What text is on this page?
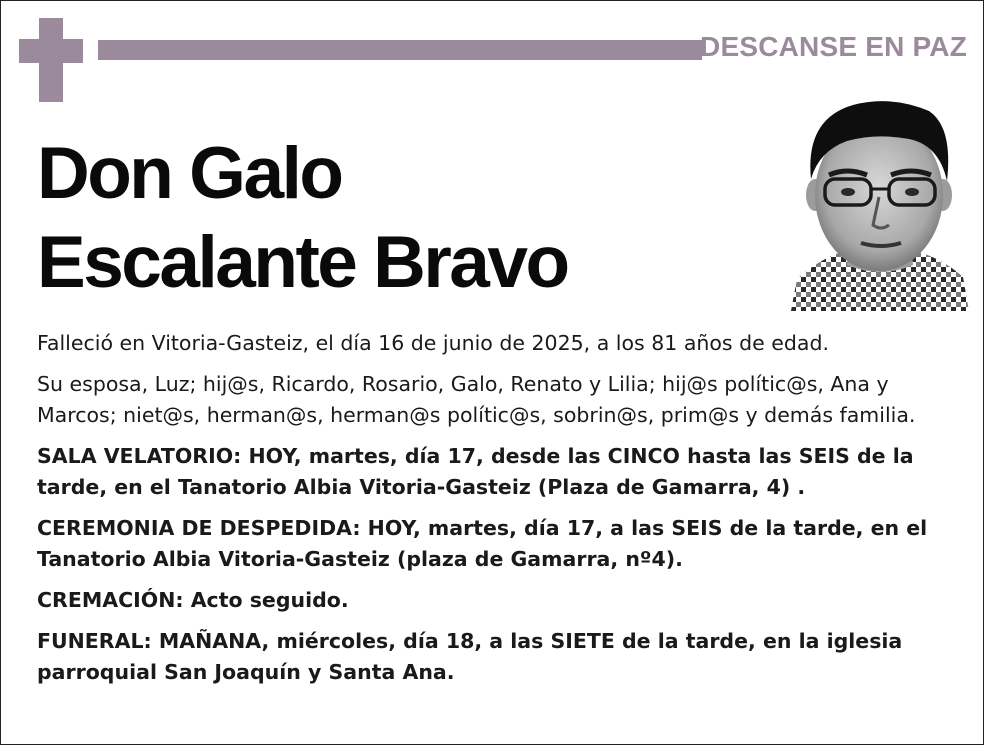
DESCANSE EN PAZ
Don Galo
Escalante Bravo

Falleció en Vitoria-Gasteiz, el día 16 de junio de 2025, a los 81 años de edad.

Su esposa, Luz; hij@s, Ricardo, Rosario, Galo, Renato y Lilia; hij@s polític@s, Ana y Marcos; niet@s, herman@s, herman@s polític@s, sobrin@s, prim@s y demás familia.

SALA VELATORIO: HOY, martes, día 17, desde las CINCO hasta las SEIS de la tarde, en el Tanatorio Albia Vitoria-Gasteiz (Plaza de Gamarra, 4) .

CEREMONIA DE DESPEDIDA: HOY, martes, día 17, a las SEIS de la tarde, en el Tanatorio Albia Vitoria-Gasteiz (plaza de Gamarra, nº4).

CREMACIÓN: Acto seguido.

FUNERAL: MAÑANA, miércoles, día 18, a las SIETE de la tarde, en la iglesia parroquial San Joaquín y Santa Ana.
